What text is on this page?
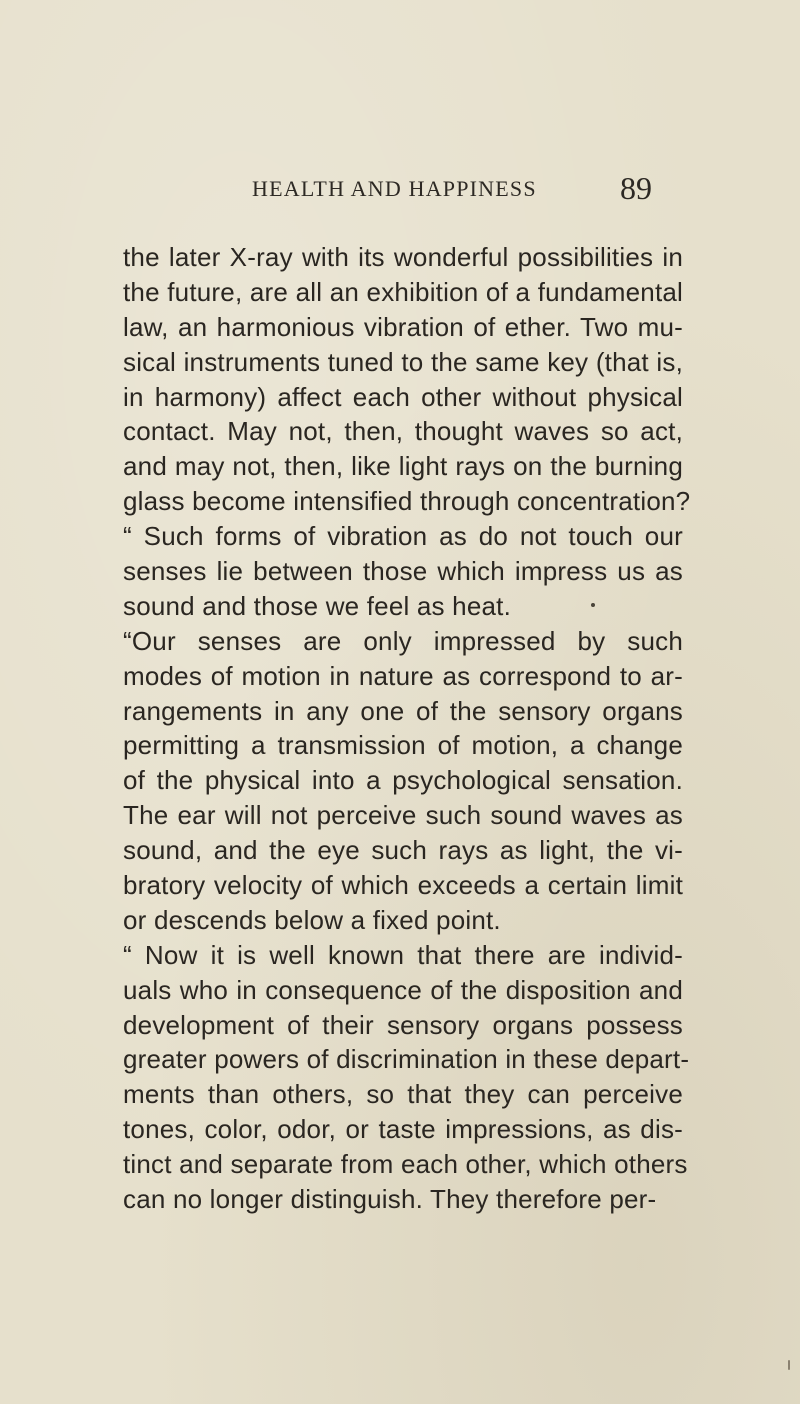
HEALTH AND HAPPINESS	89
the later X-ray with its wonderful possibilities in
the future, are all an exhibition of a fundamental
law, an harmonious vibration of ether. Two mu-
sical instruments tuned to the same key (that is,
in harmony) affect each other without physical
contact. May not, then, thought waves so act,
and may not, then, like light rays on the burning
glass become intensified through concentration?
“ Such forms of vibration as do not touch our
senses lie between those which impress us as
sound and those we feel as heat.
“Our senses are only impressed by such
modes of motion in nature as correspond to ar-
rangements in any one of the sensory organs
permitting a transmission of motion, a change
of the physical into a psychological sensation.
The ear will not perceive such sound waves as
sound, and the eye such rays as light, the vi-
bratory velocity of which exceeds a certain limit
or descends below a fixed point.
“ Now it is well known that there are individ-
uals who in consequence of the disposition and
development of their sensory organs possess
greater powers of discrimination in these depart-
ments than others, so that they can perceive
tones, color, odor, or taste impressions, as dis-
tinct and separate from each other, which others
can no longer distinguish. They therefore per-
